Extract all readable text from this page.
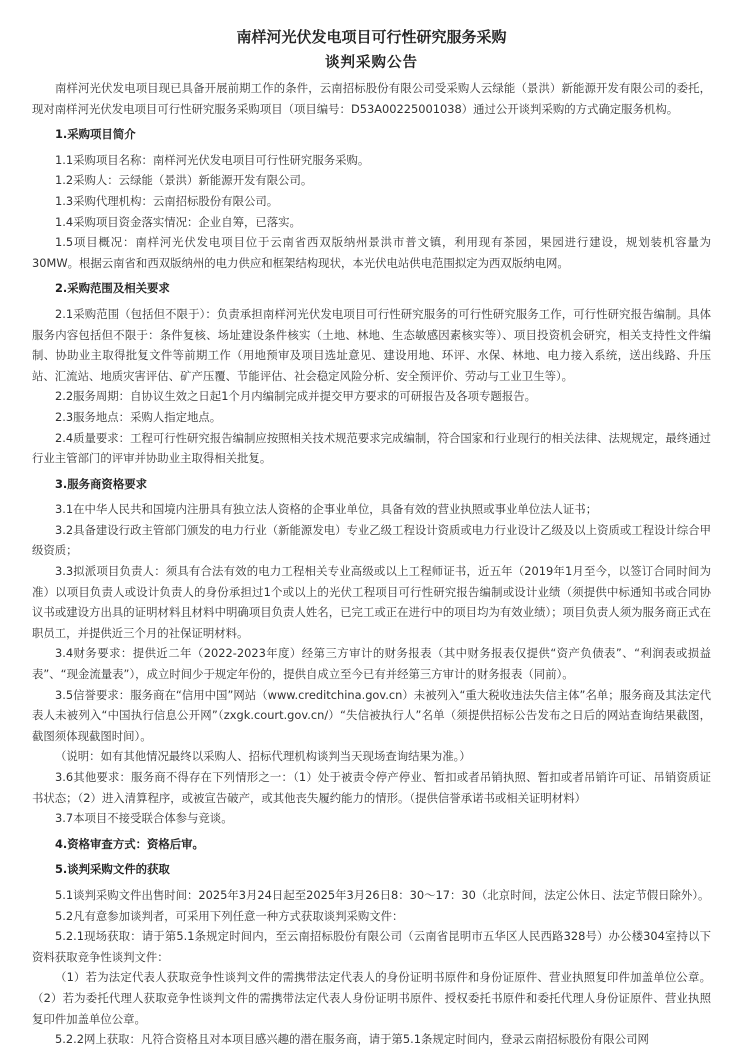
南样河光伏发电项目可行性研究服务采购
谈判采购公告

南样河光伏发电项目现已具备开展前期工作的条件，云南招标股份有限公司受采购人云绿能（景洪）新能源开发有限公司的委托，现对南样河光伏发电项目可行性研究服务采购项目（项目编号：D53A00225001038）通过公开谈判采购的方式确定服务机构。

1.采购项目简介

1.1采购项目名称：南样河光伏发电项目可行性研究服务采购。

1.2采购人：云绿能（景洪）新能源开发有限公司。

1.3采购代理机构：云南招标股份有限公司。

1.4采购项目资金落实情况：企业自筹，已落实。

1.5项目概况：南样河光伏发电项目位于云南省西双版纳州景洪市普文镇，利用现有茶园，果园进行建设，规划装机容量为30MW。根据云南省和西双版纳州的电力供应和框架结构现状，本光伏电站供电范围拟定为西双版纳电网。

2.采购范围及相关要求

2.1采购范围（包括但不限于）：负责承担南样河光伏发电项目可行性研究服务的可行性研究服务工作，可行性研究报告编制。具体服务内容包括但不限于：条件复核、场址建设条件核实（土地、林地、生态敏感因素核实等）、项目投资机会研究，相关支持性文件编制、协助业主取得批复文件等前期工作（用地预审及项目选址意见、建设用地、环评、水保、林地、电力接入系统，送出线路、升压站、汇流站、地质灾害评估、矿产压覆、节能评估、社会稳定风险分析、安全预评价、劳动与工业卫生等）。

2.2服务周期：自协议生效之日起1个月内编制完成并提交甲方要求的可研报告及各项专题报告。

2.3服务地点：采购人指定地点。

2.4质量要求：工程可行性研究报告编制应按照相关技术规范要求完成编制，符合国家和行业现行的相关法律、法规规定，最终通过行业主管部门的评审并协助业主取得相关批复。

3.服务商资格要求

3.1在中华人民共和国境内注册具有独立法人资格的企事业单位，具备有效的营业执照或事业单位法人证书；

3.2具备建设行政主管部门颁发的电力行业（新能源发电）专业乙级工程设计资质或电力行业设计乙级及以上资质或工程设计综合甲级资质；

3.3拟派项目负责人：须具有合法有效的电力工程相关专业高级或以上工程师证书，近五年（2019年1月至今，以签订合同时间为准）以项目负责人或设计负责人的身份承担过1个或以上的光伏工程项目可行性研究报告编制或设计业绩（须提供中标通知书或合同协议书或建设方出具的证明材料且材料中明确项目负责人姓名，已完工或正在进行中的项目均为有效业绩）；项目负责人须为服务商正式在职员工，并提供近三个月的社保证明材料。

3.4财务要求：提供近二年（2022-2023年度）经第三方审计的财务报表（其中财务报表仅提供“资产负债表”、“利润表或损益表”、“现金流量表”），成立时间少于规定年份的，提供自成立至今已有并经第三方审计的财务报表（同前）。

3.5信誉要求：服务商在“信用中国”网站（www.creditchina.gov.cn）未被列入“重大税收违法失信主体”名单；服务商及其法定代表人未被列入“中国执行信息公开网”（zxgk.court.gov.cn/）“失信被执行人”名单（须提供招标公告发布之日后的网站查询结果截图，截图须体现截图时间）。

（说明：如有其他情况最终以采购人、招标代理机构谈判当天现场查询结果为准。）

3.6其他要求：服务商不得存在下列情形之一：（1）处于被责令停产停业、暂扣或者吊销执照、暂扣或者吊销许可证、吊销资质证书状态；（2）进入清算程序，或被宣告破产，或其他丧失履约能力的情形。（提供信誉承诺书或相关证明材料）

3.7本项目不接受联合体参与竞谈。

4.资格审查方式：资格后审。
5.谈判采购文件的获取

5.1谈判采购文件出售时间：2025年3月24日起至2025年3月26日8：30～17：30（北京时间，法定公休日、法定节假日除外）。

5.2凡有意参加谈判者，可采用下列任意一种方式获取谈判采购文件：

5.2.1现场获取：请于第5.1条规定时间内，至云南招标股份有限公司（云南省昆明市五华区人民西路328号）办公楼304室持以下资料获取竞争性谈判文件：

（1）若为法定代表人获取竞争性谈判文件的需携带法定代表人的身份证明书原件和身份证原件、营业执照复印件加盖单位公章。（2）若为委托代理人获取竞争性谈判文件的需携带法定代表人身份证明书原件、授权委托书原件和委托代理人身份证原件、营业执照复印件加盖单位公章。

5.2.2网上获取：凡符合资格且对本项目感兴趣的潜在服务商，请于第5.1条规定时间内，登录云南招标股份有限公司网
